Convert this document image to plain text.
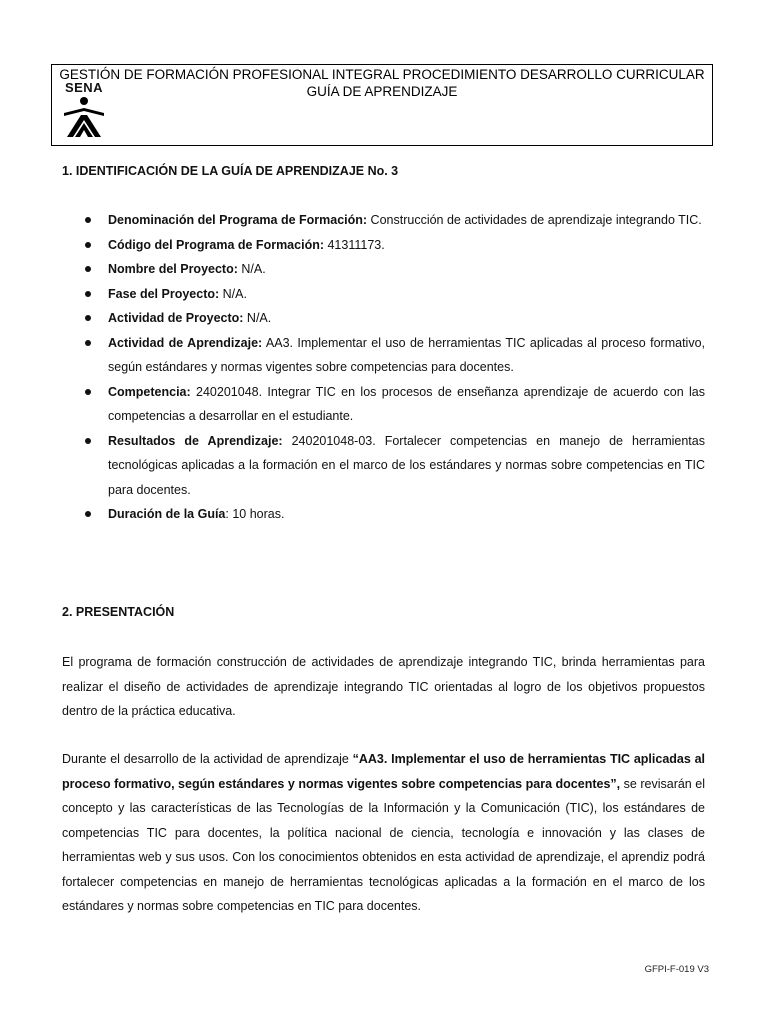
SENA
GESTIÓN DE FORMACIÓN PROFESIONAL INTEGRAL PROCEDIMIENTO DESARROLLO CURRICULAR
GUÍA DE APRENDIZAJE
1. IDENTIFICACIÓN DE LA GUÍA DE APRENDIZAJE No. 3
Denominación del Programa de Formación: Construcción de actividades de aprendizaje integrando TIC.
Código del Programa de Formación: 41311173.
Nombre del Proyecto: N/A.
Fase del Proyecto: N/A.
Actividad de Proyecto: N/A.
Actividad de Aprendizaje: AA3. Implementar el uso de herramientas TIC aplicadas al proceso formativo, según estándares y normas vigentes sobre competencias para docentes.
Competencia: 240201048. Integrar TIC en los procesos de enseñanza aprendizaje de acuerdo con las competencias a desarrollar en el estudiante.
Resultados de Aprendizaje: 240201048-03. Fortalecer competencias en manejo de herramientas tecnológicas aplicadas a la formación en el marco de los estándares y normas sobre competencias en TIC para docentes.
Duración de la Guía: 10 horas.
2. PRESENTACIÓN

El programa de formación construcción de actividades de aprendizaje integrando TIC, brinda herramientas para realizar el diseño de actividades de aprendizaje integrando TIC orientadas al logro de los objetivos propuestos dentro de la práctica educativa.

Durante el desarrollo de la actividad de aprendizaje “AA3. Implementar el uso de herramientas TIC aplicadas al proceso formativo, según estándares y normas vigentes sobre competencias para docentes”, se revisarán el concepto y las características de las Tecnologías de la Información y la Comunicación (TIC), los estándares de competencias TIC para docentes, la política nacional de ciencia, tecnología e innovación y las clases de herramientas web y sus usos. Con los conocimientos obtenidos en esta actividad de aprendizaje, el aprendiz podrá fortalecer competencias en manejo de herramientas tecnológicas aplicadas a la formación en el marco de los estándares y normas sobre competencias en TIC para docentes.

GFPI-F-019 V3
